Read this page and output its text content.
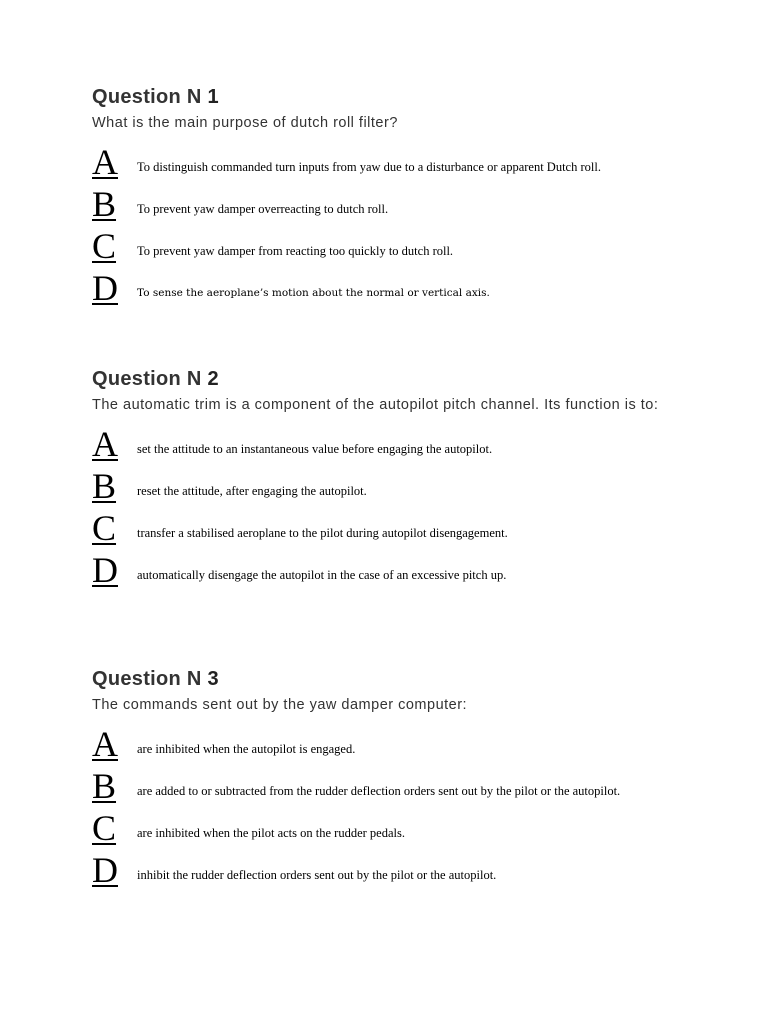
Question N 1
What is the main purpose of dutch roll filter?
A To distinguish commanded turn inputs from yaw due to a disturbance or apparent Dutch roll.
B To prevent yaw damper overreacting to dutch roll.
C To prevent yaw damper from reacting too quickly to dutch roll.
D To sense the aeroplane’s motion about the normal or vertical axis.
Question N 2
The automatic trim is a component of the autopilot pitch channel. Its function is to:
A set the attitude to an instantaneous value before engaging the autopilot.
B reset the attitude, after engaging the autopilot.
C transfer a stabilised aeroplane to the pilot during autopilot disengagement.
D automatically disengage the autopilot in the case of an excessive pitch up.
Question N 3
The commands sent out by the yaw damper computer:
A are inhibited when the autopilot is engaged.
B are added to or subtracted from the rudder deflection orders sent out by the pilot or the autopilot.
C are inhibited when the pilot acts on the rudder pedals.
D inhibit the rudder deflection orders sent out by the pilot or the autopilot.
